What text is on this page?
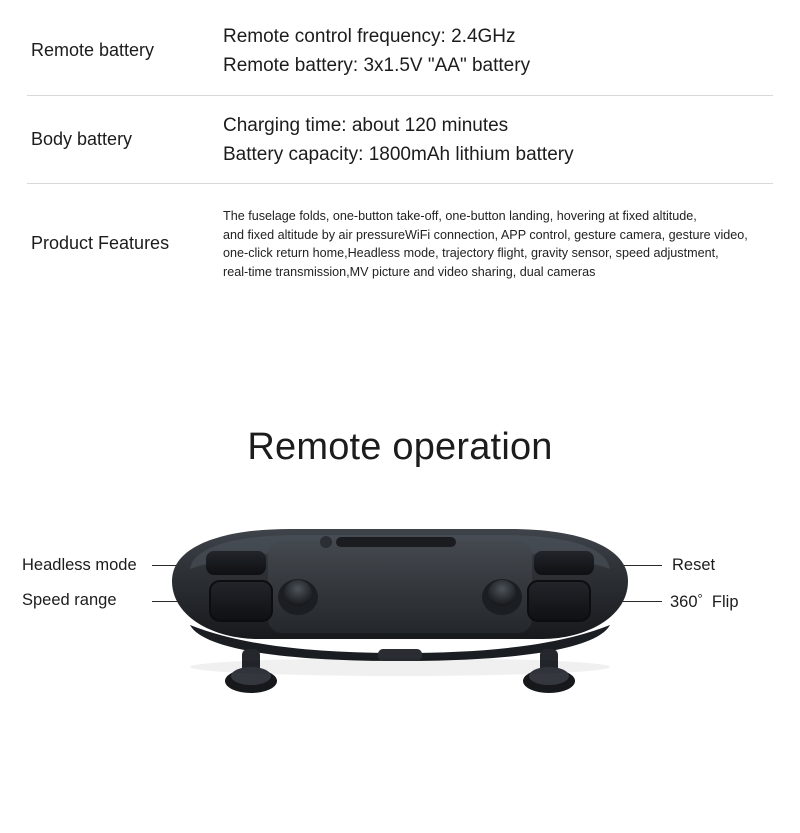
Remote battery
Remote control frequency: 2.4GHz
Remote battery: 3x1.5V "AA" battery
Body battery
Charging time: about 120 minutes
Battery capacity: 1800mAh lithium battery
Product Features
The fuselage folds, one-button take-off, one-button landing, hovering at fixed altitude,
and fixed altitude by air pressureWiFi connection, APP control, gesture camera, gesture video,
one-click return home,Headless mode, trajectory flight, gravity sensor, speed adjustment,
real-time transmission,MV picture and video sharing, dual cameras
Remote operation
Headless mode
Speed range
Reset
360° Flip
